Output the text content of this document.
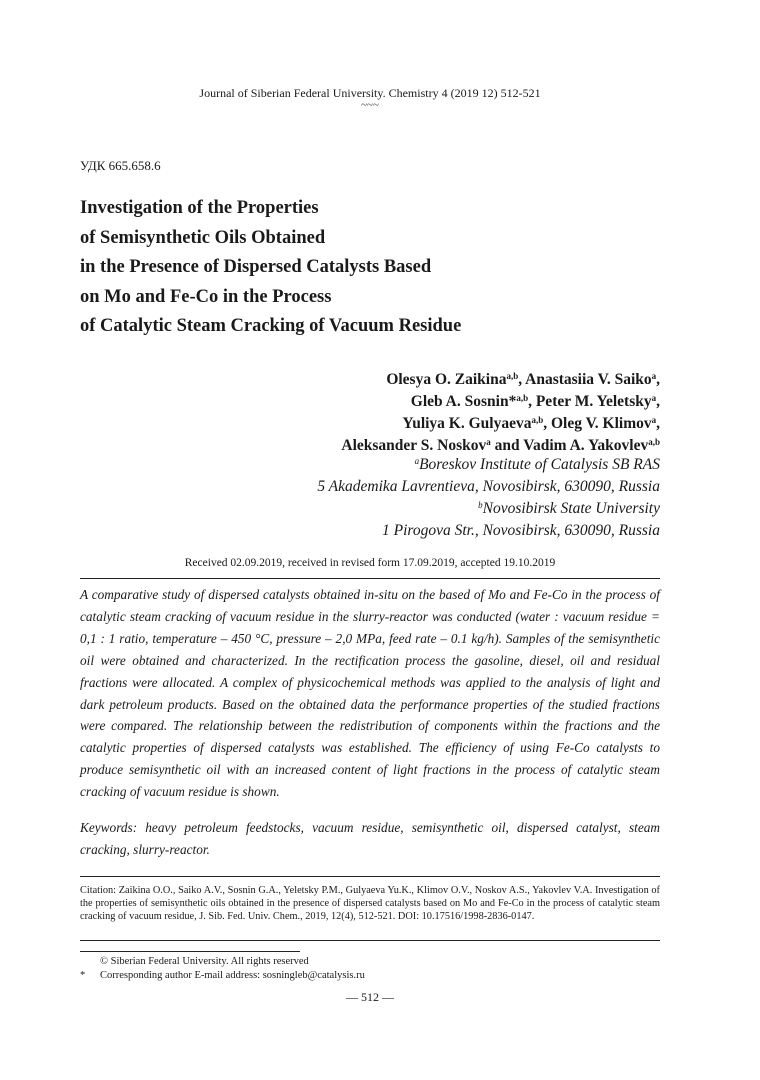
Journal of Siberian Federal University. Chemistry 4 (2019 12) 512-521
~~~
УДК 665.658.6
Investigation of the Properties
of Semisynthetic Oils Obtained
in the Presence of Dispersed Catalysts Based
on Mo and Fe-Co in the Process
of Catalytic Steam Cracking of Vacuum Residue
Olesya O. Zaikina$^{a,b}$, Anastasiia V. Saiko$^a$,
Gleb A. Sosnin*$^{a,b}$, Peter M. Yeletsky$^a$,
Yuliya K. Gulyaeva$^{a,b}$, Oleg V. Klimov$^a$,
Aleksander S. Noskov$^a$ and Vadim A. Yakovlev$^{a,b}$
$^a$Boreskov Institute of Catalysis SB RAS
5 Akademika Lavrentieva, Novosibirsk, 630090, Russia
$^b$Novosibirsk State University
1 Pirogova Str., Novosibirsk, 630090, Russia
Received 02.09.2019, received in revised form 17.09.2019, accepted 19.10.2019
A comparative study of dispersed catalysts obtained in-situ on the based of Mo and Fe-Co in the process of catalytic steam cracking of vacuum residue in the slurry-reactor was conducted (water : vacuum residue = 0,1 : 1 ratio, temperature – 450 °C, pressure – 2,0 MPa, feed rate – 0.1 kg/h). Samples of the semisynthetic oil were obtained and characterized. In the rectification process the gasoline, diesel, oil and residual fractions were allocated. A complex of physicochemical methods was applied to the analysis of light and dark petroleum products. Based on the obtained data the performance properties of the studied fractions were compared. The relationship between the redistribution of components within the fractions and the catalytic properties of dispersed catalysts was established. The efficiency of using Fe-Co catalysts to produce semisynthetic oil with an increased content of light fractions in the process of catalytic steam cracking of vacuum residue is shown.
Keywords: heavy petroleum feedstocks, vacuum residue, semisynthetic oil, dispersed catalyst, steam cracking, slurry-reactor.
Citation: Zaikina O.O., Saiko A.V., Sosnin G.A., Yeletsky P.M., Gulyaeva Yu.K., Klimov O.V., Noskov A.S., Yakovlev V.A. Investigation of the properties of semisynthetic oils obtained in the presence of dispersed catalysts based on Mo and Fe-Co in the process of catalytic steam cracking of vacuum residue, J. Sib. Fed. Univ. Chem., 2019, 12(4), 512-521. DOI: 10.17516/1998-2836-0147.
© Siberian Federal University. All rights reserved
* Corresponding author E-mail address: sosningleb@catalysis.ru
— 512 —
